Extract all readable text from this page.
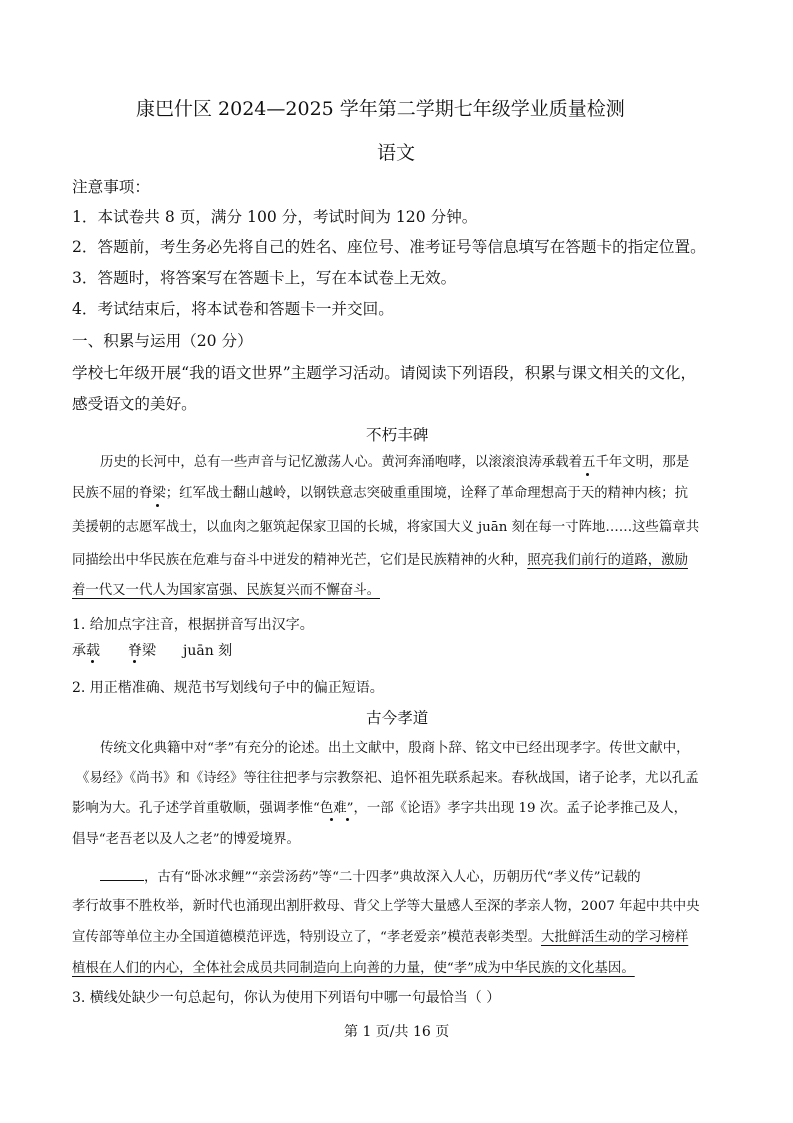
康巴什区 2024—2025 学年第二学期七年级学业质量检测
语文
注意事项：
1．本试卷共 8 页，满分 100 分，考试时间为 120 分钟。
2．答题前，考生务必先将自己的姓名、座位号、准考证号等信息填写在答题卡的指定位置。
3．答题时，将答案写在答题卡上，写在本试卷上无效。
4．考试结束后，将本试卷和答题卡一并交回。
一、积累与运用（20 分）
学校七年级开展“我的语文世界”主题学习活动。请阅读下列语段，积累与课文相关的文化，
感受语文的美好。
不朽丰碑
历史的长河中，总有一些声音与记忆激荡人心。黄河奔涌咆哮，以滚滚浪涛承载着五千年文明，那是
民族不屈的脊梁；红军战士翻山越岭，以钢铁意志突破重重围境，诠释了革命理想高于天的精神内核；抗
美援朝的志愿军战士，以血肉之躯筑起保家卫国的长城，将家国大义 juān 刻在每一寸阵地……这些篇章共
同描绘出中华民族在危难与奋斗中迸发的精神光芒，它们是民族精神的火种，照亮我们前行的道路，激励
着一代又一代人为国家富强、民族复兴而不懈奋斗。
1. 给加点字注音，根据拼音写出汉字。
承载 脊梁 juān 刻
2. 用正楷准确、规范书写划线句子中的偏正短语。
古今孝道
传统文化典籍中对“孝”有充分的论述。出土文献中，殷商卜辞、铭文中已经出现孝字。传世文献中，
《易经》《尚书》和《诗经》等往往把孝与宗教祭祀、追怀祖先联系起来。春秋战国，诸子论孝，尤以孔孟
影响为大。孔子述学首重敬顺，强调孝惟“色难”，一部《论语》孝字共出现 19 次。孟子论孝推己及人，
倡导“老吾老以及人之老”的博爱境界。
，古有“卧冰求鲤”“亲尝汤药”等“二十四孝”典故深入人心，历朝历代“孝义传”记载的
孝行故事不胜枚举，新时代也涌现出割肝救母、背父上学等大量感人至深的孝亲人物，2007 年起中共中央
宣传部等单位主办全国道德模范评选，特别设立了，“孝老爱亲”模范表彰类型。大批鲜活生动的学习榜样
植根在人们的内心，全体社会成员共同制造向上向善的力量，使“孝”成为中华民族的文化基因。
3. 横线处缺少一句总起句，你认为使用下列语句中哪一句最恰当（ ）
第 1 页/共 16 页
